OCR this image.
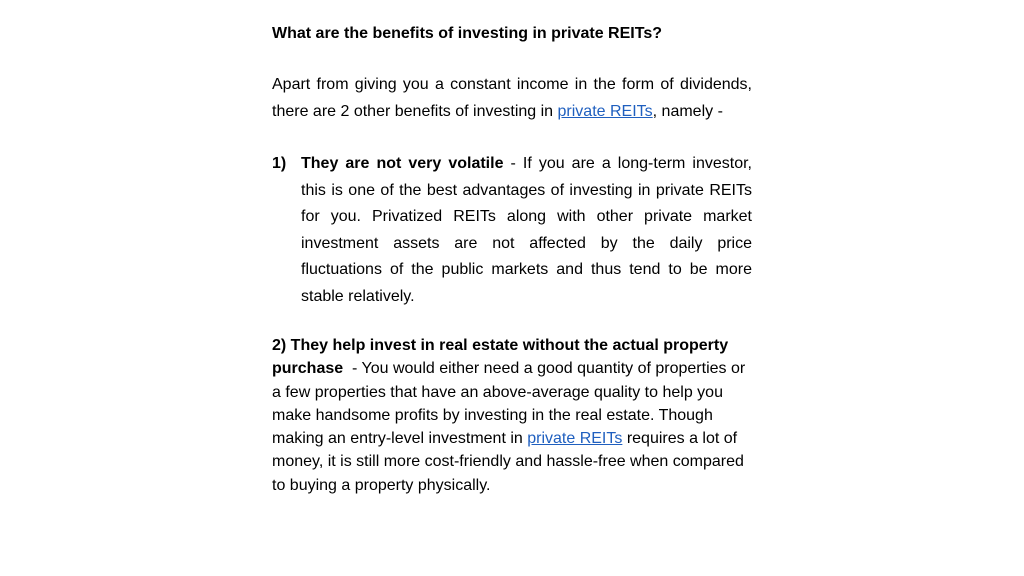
What are the benefits of investing in private REITs?

Apart from giving you a constant income in the form of dividends, there are 2 other benefits of investing in private REITs, namely -

1) They are not very volatile - If you are a long-term investor, this is one of the best advantages of investing in private REITs for you. Privatized REITs along with other private market investment assets are not affected by the daily price fluctuations of the public markets and thus tend to be more stable relatively.

2) They help invest in real estate without the actual property purchase  - You would either need a good quantity of properties or a few properties that have an above-average quality to help you make handsome profits by investing in the real estate. Though making an entry-level investment in private REITs requires a lot of money, it is still more cost-friendly and hassle-free when compared to buying a property physically.
